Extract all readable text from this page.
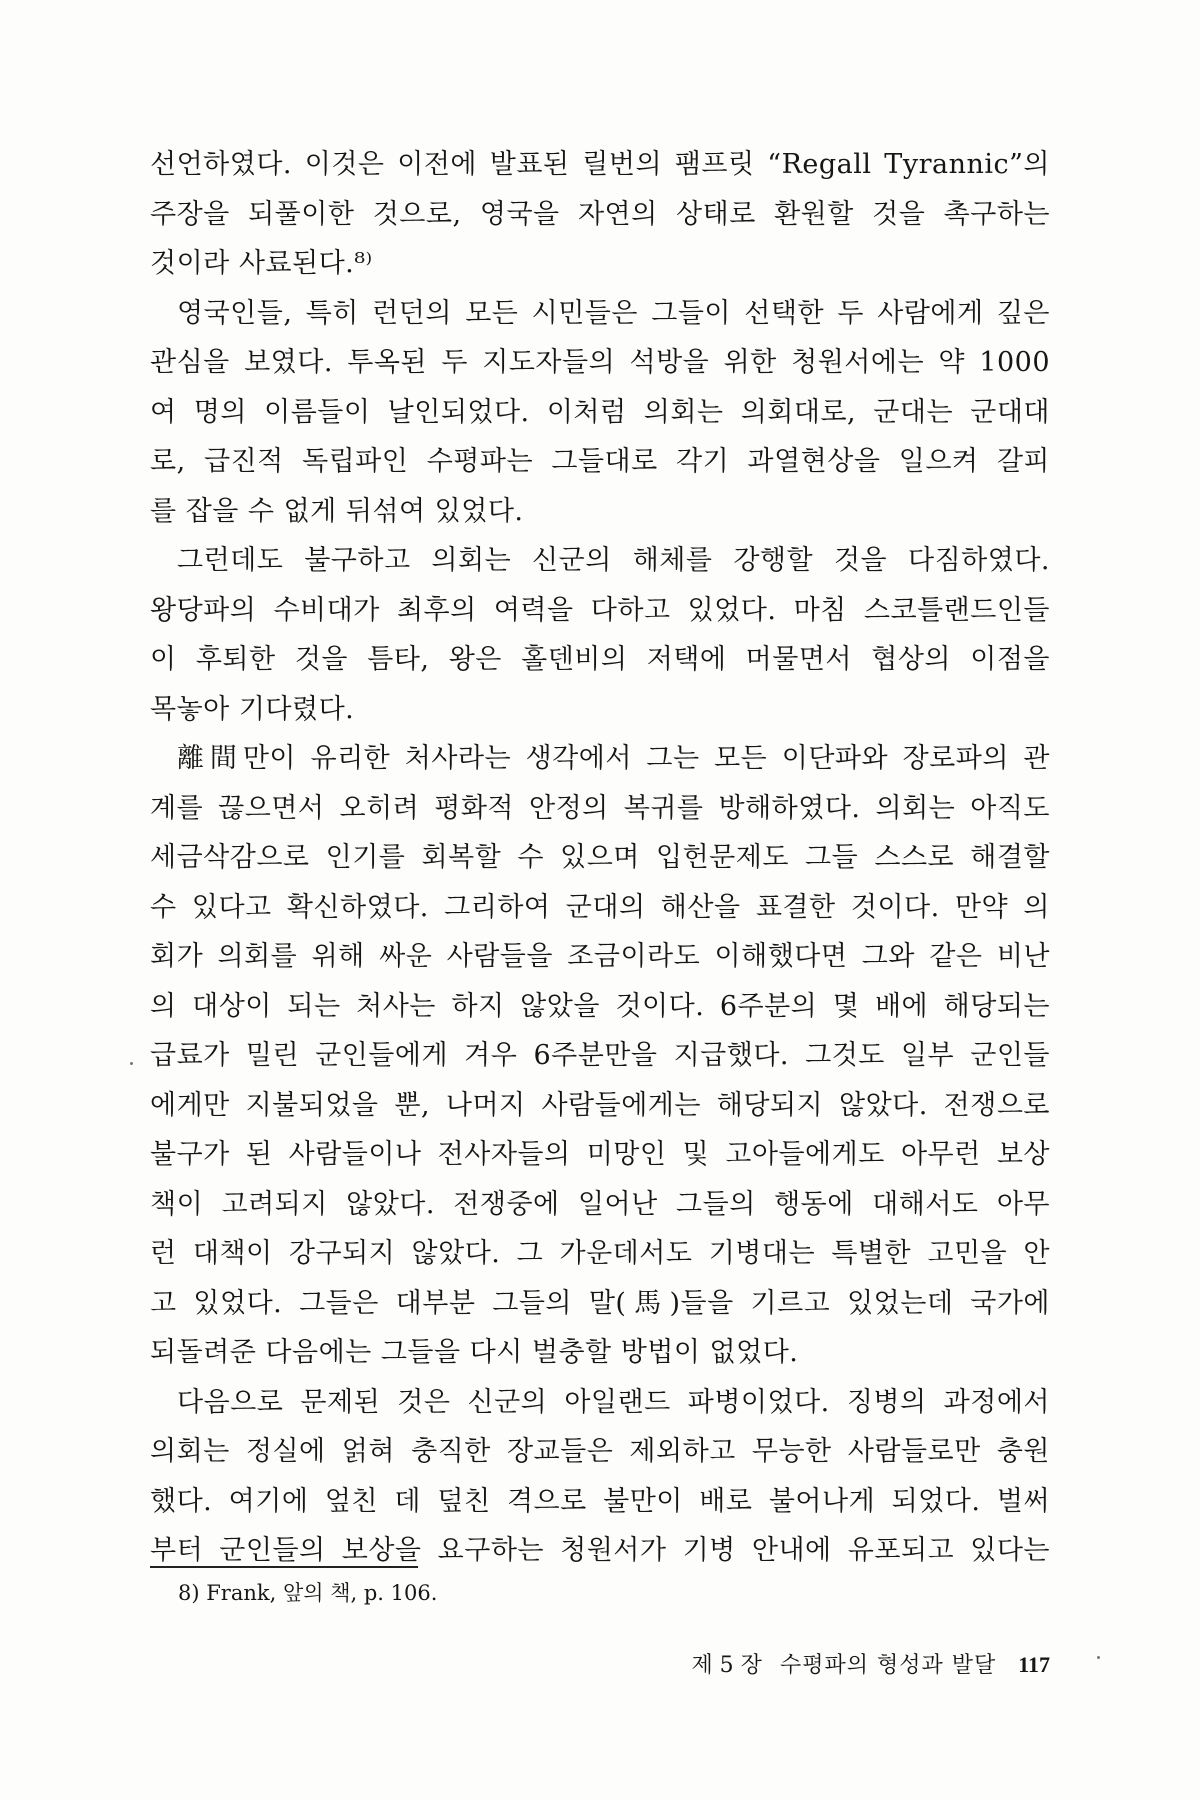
선언하였다. 이것은 이전에 발표된 릴번의 팸프릿 “Regall Tyrannic”의
주장을 되풀이한 것으로, 영국을 자연의 상태로 환원할 것을 촉구하는
것이라 사료된다.⁸⁾
영국인들, 특히 런던의 모든 시민들은 그들이 선택한 두 사람에게 깊은
관심을 보였다. 투옥된 두 지도자들의 석방을 위한 청원서에는 약 1000
여 명의 이름들이 날인되었다. 이처럼 의회는 의회대로, 군대는 군대대
로, 급진적 독립파인 수평파는 그들대로 각기 과열현상을 일으켜 갈피
를 잡을 수 없게 뒤섞여 있었다.
그런데도 불구하고 의회는 신군의 해체를 강행할 것을 다짐하였다.
왕당파의 수비대가 최후의 여력을 다하고 있었다. 마침 스코틀랜드인들
이 후퇴한 것을 틈타, 왕은 홀덴비의 저택에 머물면서 협상의 이점을
목놓아 기다렸다.
離間만이 유리한 처사라는 생각에서 그는 모든 이단파와 장로파의 관
계를 끊으면서 오히려 평화적 안정의 복귀를 방해하였다. 의회는 아직도
세금삭감으로 인기를 회복할 수 있으며 입헌문제도 그들 스스로 해결할
수 있다고 확신하였다. 그리하여 군대의 해산을 표결한 것이다. 만약 의
회가 의회를 위해 싸운 사람들을 조금이라도 이해했다면 그와 같은 비난
의 대상이 되는 처사는 하지 않았을 것이다. 6주분의 몇 배에 해당되는
급료가 밀린 군인들에게 겨우 6주분만을 지급했다. 그것도 일부 군인들
에게만 지불되었을 뿐, 나머지 사람들에게는 해당되지 않았다. 전쟁으로
불구가 된 사람들이나 전사자들의 미망인 및 고아들에게도 아무런 보상
책이 고려되지 않았다. 전쟁중에 일어난 그들의 행동에 대해서도 아무
런 대책이 강구되지 않았다. 그 가운데서도 기병대는 특별한 고민을 안
고 있었다. 그들은 대부분 그들의 말(馬)들을 기르고 있었는데 국가에
되돌려준 다음에는 그들을 다시 벌충할 방법이 없었다.
다음으로 문제된 것은 신군의 아일랜드 파병이었다. 징병의 과정에서
의회는 정실에 얽혀 충직한 장교들은 제외하고 무능한 사람들로만 충원
했다. 여기에 엎친 데 덮친 격으로 불만이 배로 불어나게 되었다. 벌써
부터 군인들의 보상을 요구하는 청원서가 기병 안내에 유포되고 있다는
8) Frank, 앞의 책, p. 106.
제 5 장 수평파의 형성과 발달 117
